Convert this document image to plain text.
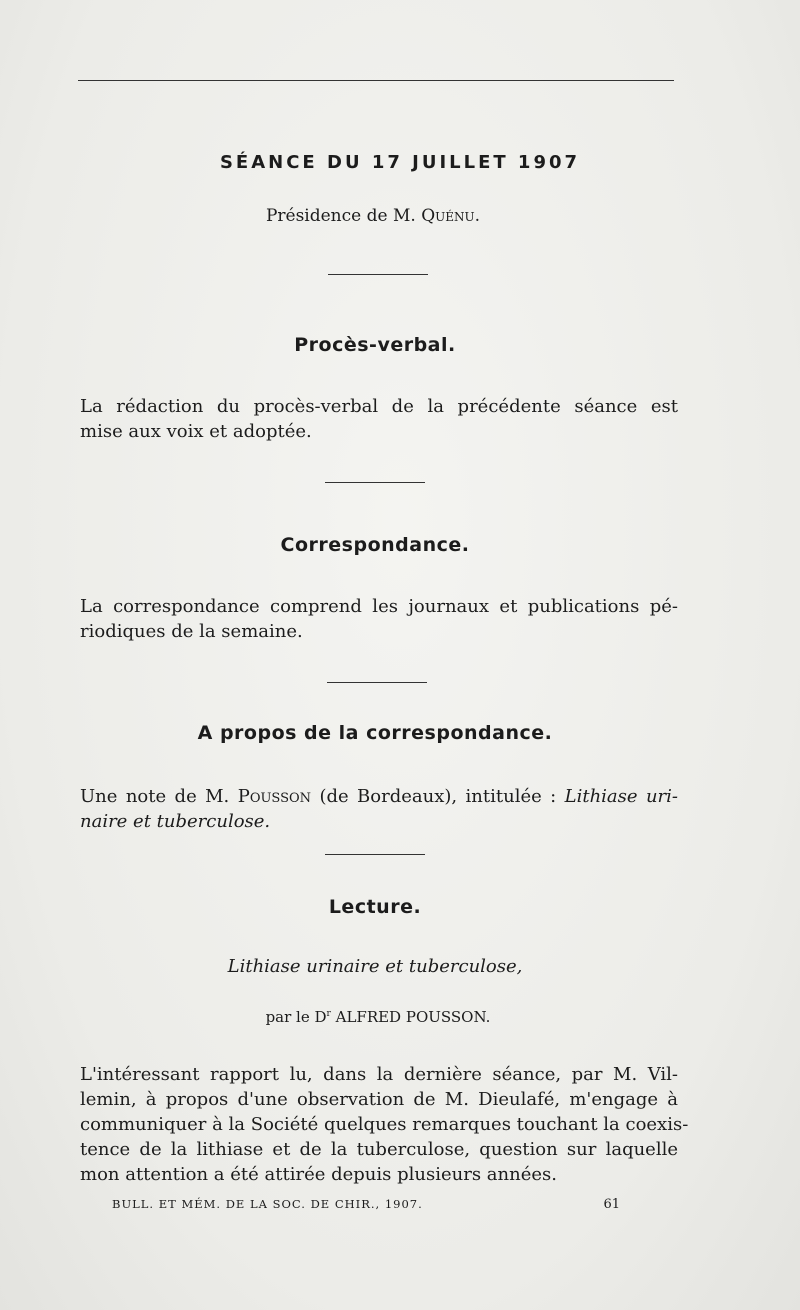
SÉANCE DU 17 JUILLET 1907
Présidence de M. Quénu.
Procès-verbal.
La rédaction du procès-verbal de la précédente séance est
mise aux voix et adoptée.
Correspondance.
La correspondance comprend les journaux et publications pé-
riodiques de la semaine.
A propos de la correspondance.
Une note de M. Pousson (de Bordeaux), intitulée : Lithiase uri-
naire et tuberculose.
Lecture.
Lithiase urinaire et tuberculose,
par le $D^r$ ALFRED POUSSON.
L'intéressant rapport lu, dans la dernière séance, par M. Vil-
lemin, à propos d'une observation de M. Dieulafé, m'engage à
communiquer à la Société quelques remarques touchant la coexis-
tence de la lithiase et de la tuberculose, question sur laquelle
mon attention a été attirée depuis plusieurs années.
BULL. ET MÉM. DE LA SOC. DE CHIR., 1907.	61
